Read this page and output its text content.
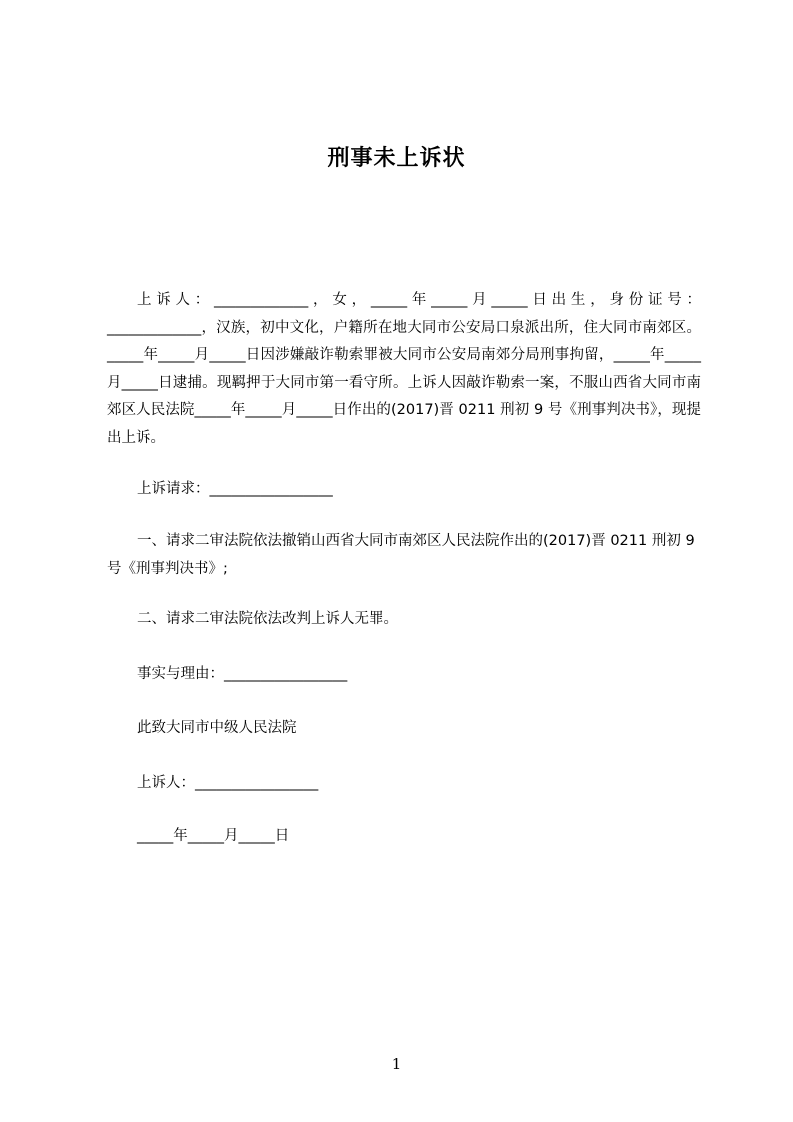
刑事未上诉状
上诉人：_____________，女，_____年_____月_____日出生，身份证号：_____________，汉族，初中文化，户籍所在地大同市公安局口泉派出所，住大同市南郊区。_____年_____月_____日因涉嫌敲诈勒索罪被大同市公安局南郊分局刑事拘留，_____年_____月_____日逮捕。现羁押于大同市第一看守所。上诉人因敲诈勒索一案，不服山西省大同市南郊区人民法院_____年_____月_____日作出的(2017)晋 0211 刑初 9 号《刑事判决书》，现提出上诉。
上诉请求：_________________
一、请求二审法院依法撤销山西省大同市南郊区人民法院作出的(2017)晋 0211 刑初 9 号《刑事判决书》;
二、请求二审法院依法改判上诉人无罪。
事实与理由：_________________
此致大同市中级人民法院
上诉人：_________________
_____年_____月_____日
1
